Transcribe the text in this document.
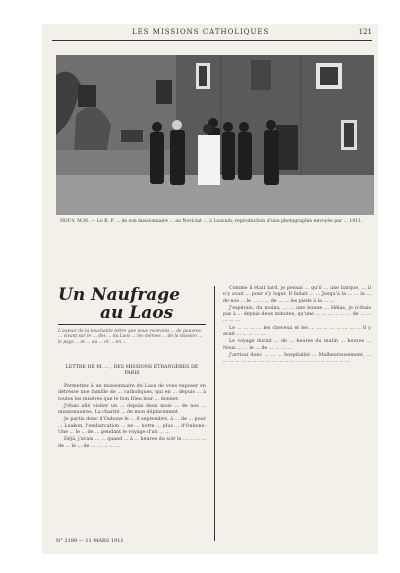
LES MISSIONS CATHOLIQUES	121
NOUV. M.M. — Le R. P. ... de son missionnaire ... au Noviciat ... à Louvain; reproduction d'une photographie envoyée par ... 1911.
Un Naufrage
au Laos
L'auteur de la touchante lettre que nous recevons ... de pauvres ... vivant sur le ... des ... du Laos ... les mêmes ... de la mission ... le pays ... et ... au ... et ... en ...
LETTRE DE M. ... , DES MISSIONS ÉTRANGÈRES DE PARIS

Permettez à un missionnaire du Laos de vous exposer en détresse une famille de ... catholiques, qui en ... depuis ... à toutes les misères que le bon Dieu leur ... donner.

J'étais allé visiter un ... depuis deux mois ... de nos ... missionnaires. La charité ... de mon déplacement.

Je partis donc d'Oubone le ... 6 septembre, à ... de ... pour ... Loakon, l'embarcation ... ne ... notre ... plus ... d'Oubone. Une ... le ... de ... pendant le voyage d'un ... ...

Déjà, j'avais ... ... quand ... à ... heures du soir le ... ... ... ... de ... le ... de ... ... ... ... ...

Comme il était tard, je pensai ... qu'il ... une barque, ... il n'y avait ... pour s'y loger. Il fallait ... ... Jusqu'à la ... ... la ... de nos ... le ... ... ... de ... ... les pieds à la ... ...

J'espérais, du moins, ... ... une bonne ... Hélas, je n'étais pas à ... depuis deux minutes, qu'une ... ... ... ... ... ... de ... ... ... ... ...

Le ... ... ... ... les cheveux et les ... ... ... ... ... ... ... ... Il y avait ... ... ... ... ...

Le voyage durait ... de ... heures du matin ... heures ... Nous ... ... le ... de ... ... ... ...

J'arrivai donc ... ... ... hospitalité ... Malheureusement, ... ... ... ... ... ... ... ... ... ... ... ... ... ... ... ... ... ... ... ... ... ...

N° 2189 — 11 MARS 1911
